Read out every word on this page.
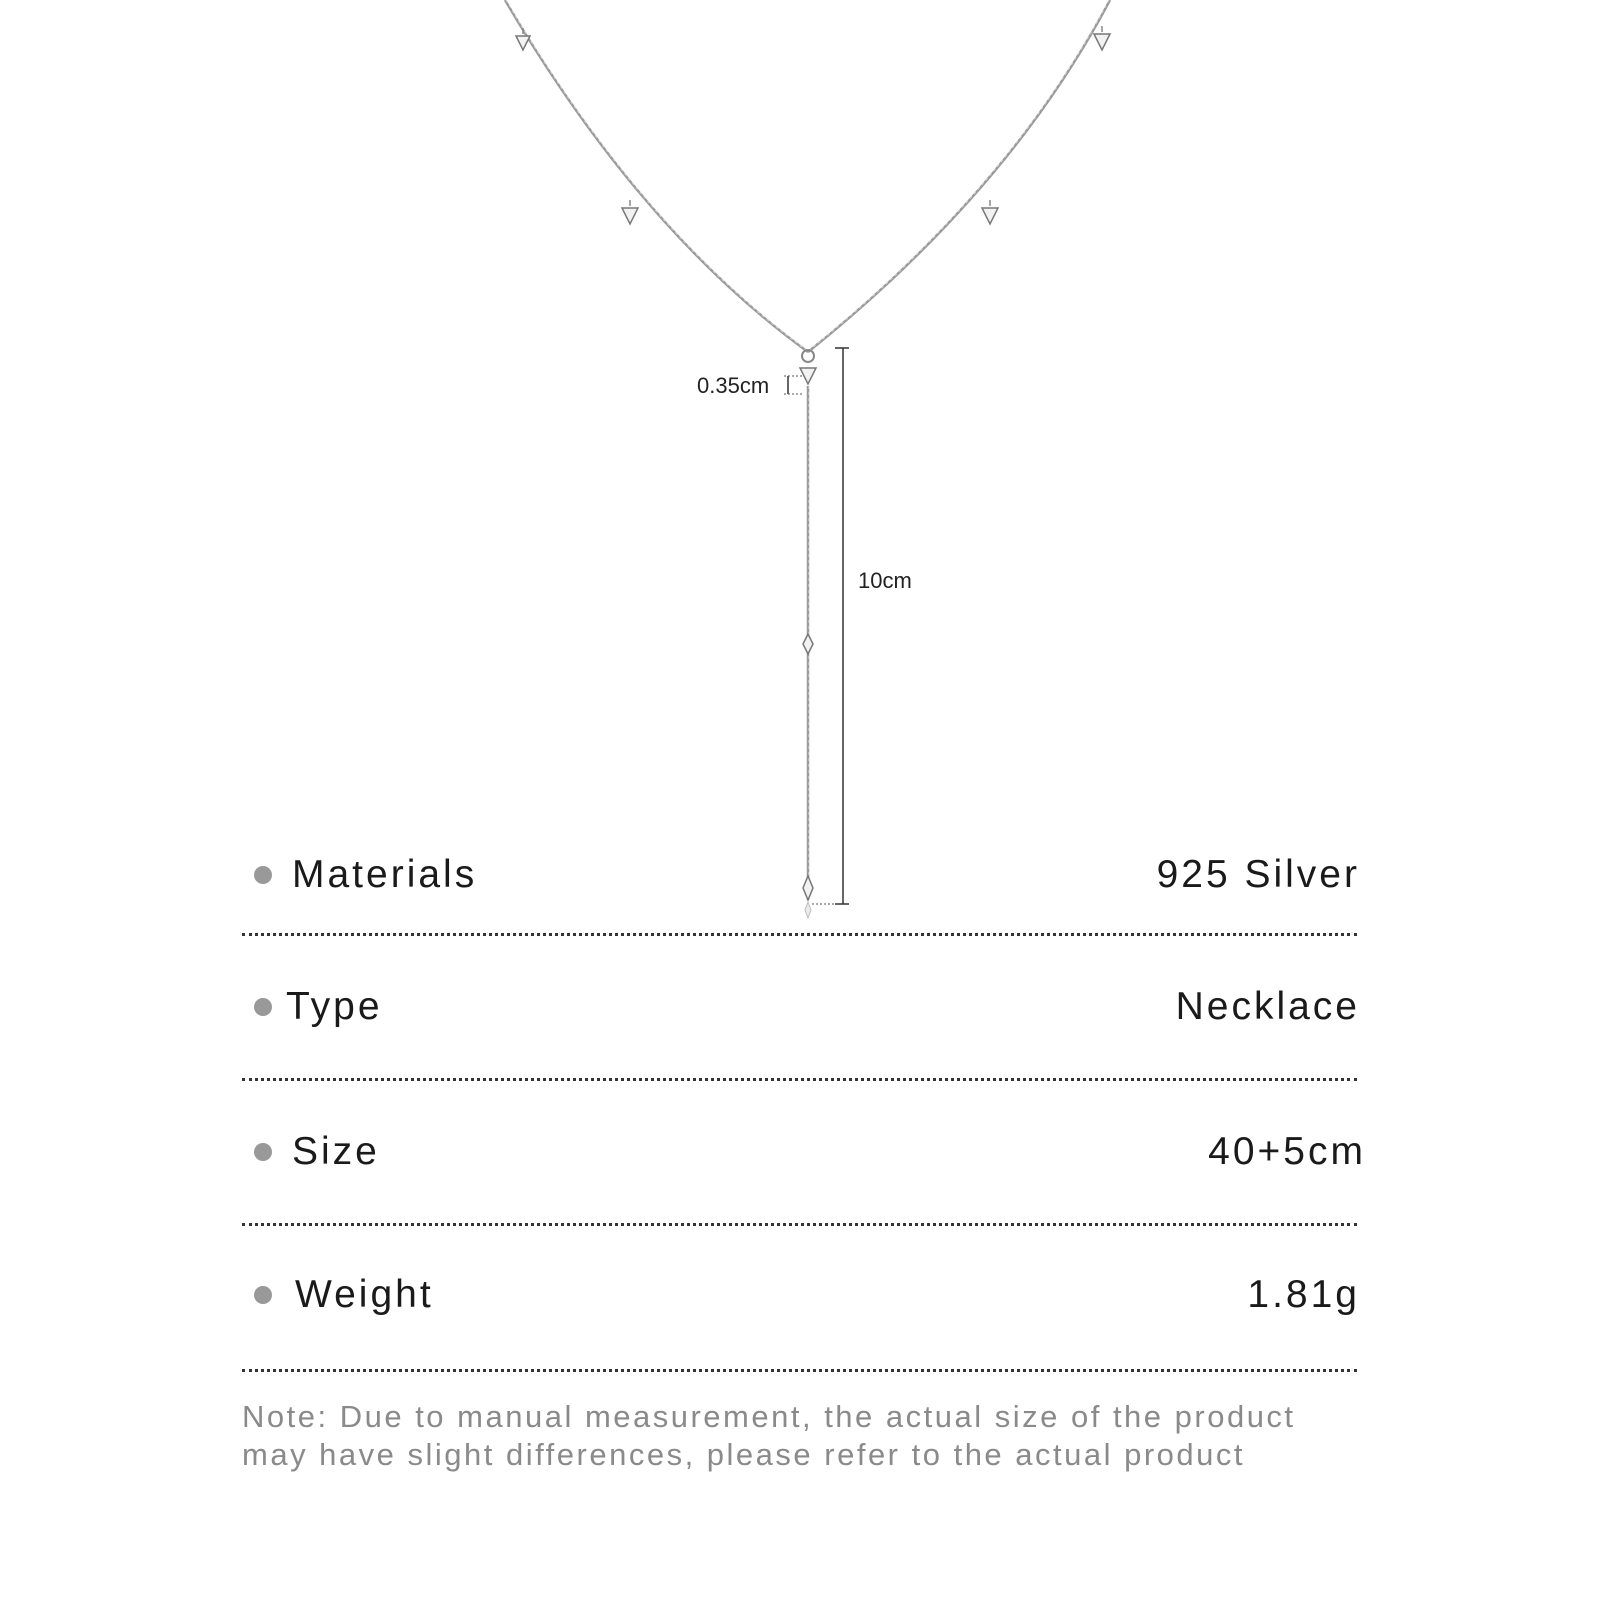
0.35cm
10cm
Materials	925 Silver
Type	Necklace
Size	40+5cm
Weight	1.81g
Note: Due to manual measurement, the actual size of the product
may have slight differences, please refer to the actual product
